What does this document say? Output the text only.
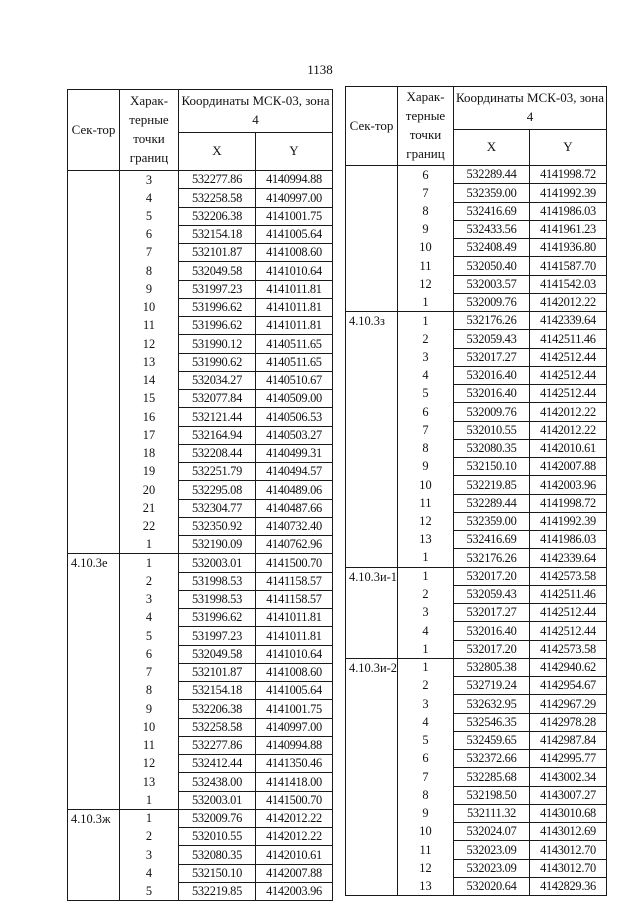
1138
Сек-тор	Харак-терные точки границ	Координаты МСК-03, зона 4	
		X	Y
	3	532277.86	4140994.88
	4	532258.58	4140997.00
	5	532206.38	4141001.75
	6	532154.18	4141005.64
	7	532101.87	4141008.60
	8	532049.58	4141010.64
	9	531997.23	4141011.81
	10	531996.62	4141011.81
	11	531996.62	4141011.81
	12	531990.12	4140511.65
	13	531990.62	4140511.65
	14	532034.27	4140510.67
	15	532077.84	4140509.00
	16	532121.44	4140506.53
	17	532164.94	4140503.27
	18	532208.44	4140499.31
	19	532251.79	4140494.57
	20	532295.08	4140489.06
	21	532304.77	4140487.66
	22	532350.92	4140732.40
	1	532190.09	4140762.96
4.10.3е	1	532003.01	4141500.70
	2	531998.53	4141158.57
	3	531998.53	4141158.57
	4	531996.62	4141011.81
	5	531997.23	4141011.81
	6	532049.58	4141010.64
	7	532101.87	4141008.60
	8	532154.18	4141005.64
	9	532206.38	4141001.75
	10	532258.58	4140997.00
	11	532277.86	4140994.88
	12	532412.44	4141350.46
	13	532438.00	4141418.00
	1	532003.01	4141500.70
4.10.3ж	1	532009.76	4142012.22
	2	532010.55	4142012.22
	3	532080.35	4142010.61
	4	532150.10	4142007.88
	5	532219.85	4142003.96
Сек-тор	Харак-терные точки границ	Координаты МСК-03, зона 4	
		X	Y
	6	532289.44	4141998.72
	7	532359.00	4141992.39
	8	532416.69	4141986.03
	9	532433.56	4141961.23
	10	532408.49	4141936.80
	11	532050.40	4141587.70
	12	532003.57	4141542.03
	1	532009.76	4142012.22
4.10.3з	1	532176.26	4142339.64
	2	532059.43	4142511.46
	3	532017.27	4142512.44
	4	532016.40	4142512.44
	5	532016.40	4142512.44
	6	532009.76	4142012.22
	7	532010.55	4142012.22
	8	532080.35	4142010.61
	9	532150.10	4142007.88
	10	532219.85	4142003.96
	11	532289.44	4141998.72
	12	532359.00	4141992.39
	13	532416.69	4141986.03
	1	532176.26	4142339.64
4.10.3и-1	1	532017.20	4142573.58
	2	532059.43	4142511.46
	3	532017.27	4142512.44
	4	532016.40	4142512.44
	1	532017.20	4142573.58
4.10.3и-2	1	532805.38	4142940.62
	2	532719.24	4142954.67
	3	532632.95	4142967.29
	4	532546.35	4142978.28
	5	532459.65	4142987.84
	6	532372.66	4142995.77
	7	532285.68	4143002.34
	8	532198.50	4143007.27
	9	532111.32	4143010.68
	10	532024.07	4143012.69
	11	532023.09	4143012.70
	12	532023.09	4143012.70
	13	532020.64	4142829.36
